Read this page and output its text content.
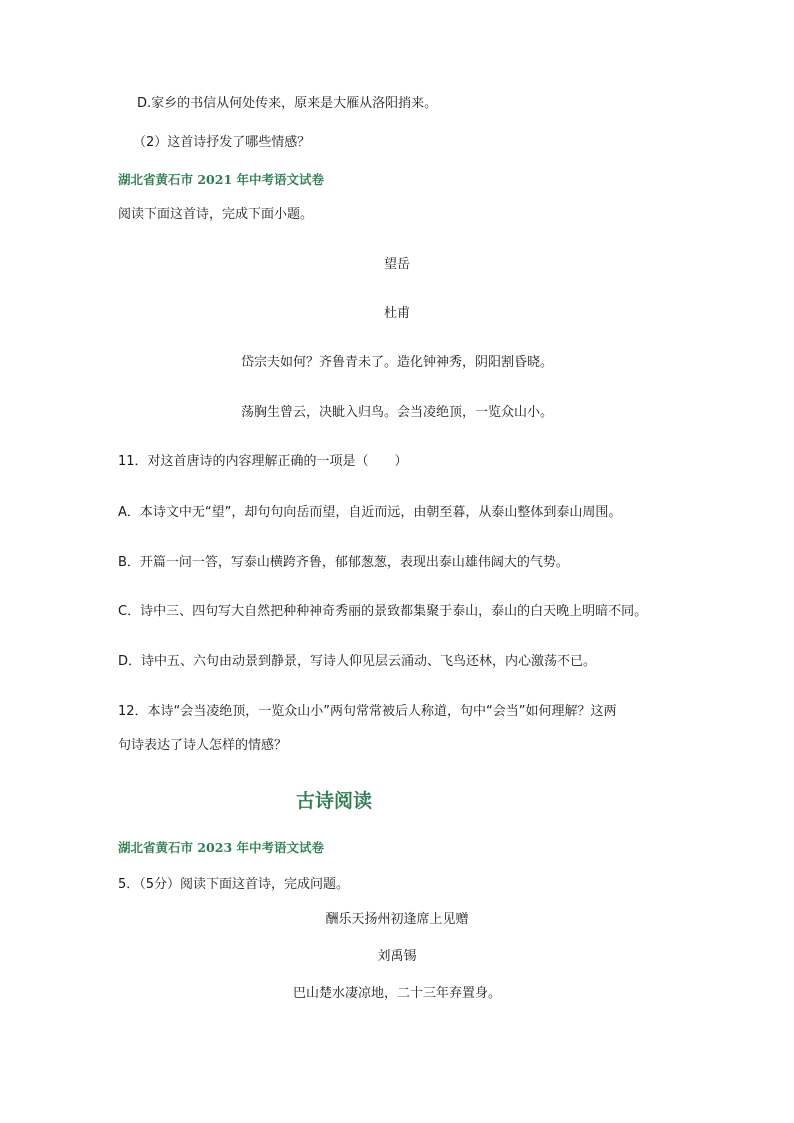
D.家乡的书信从何处传来，原来是大雁从洛阳捎来。
（2）这首诗抒发了哪些情感？
湖北省黄石市 2021 年中考语文试卷
阅读下面这首诗，完成下面小题。
望岳
杜甫
岱宗夫如何？齐鲁青未了。造化钟神秀，阴阳割昏晓。
荡胸生曾云，决眦入归鸟。会当凌绝顶，一览众山小。
11．对这首唐诗的内容理解正确的一项是（　　）
A．本诗文中无“望”，却句句向岳而望，自近而远，由朝至暮，从泰山整体到泰山周围。
B．开篇一问一答，写泰山横跨齐鲁，郁郁葱葱，表现出泰山雄伟阔大的气势。
C．诗中三、四句写大自然把种种神奇秀丽的景致都集聚于泰山，泰山的白天晚上明暗不同。
D．诗中五、六句由动景到静景，写诗人仰见层云涌动、飞鸟还林，内心激荡不已。
12．本诗“会当凌绝顶，一览众山小”两句常常被后人称道，句中“会当”如何理解？这两
句诗表达了诗人怎样的情感？
古诗阅读
湖北省黄石市 2023 年中考语文试卷
5．（5分）阅读下面这首诗，完成问题。
酬乐天扬州初逢席上见赠
刘禹锡
巴山楚水凄凉地，二十三年弃置身。
